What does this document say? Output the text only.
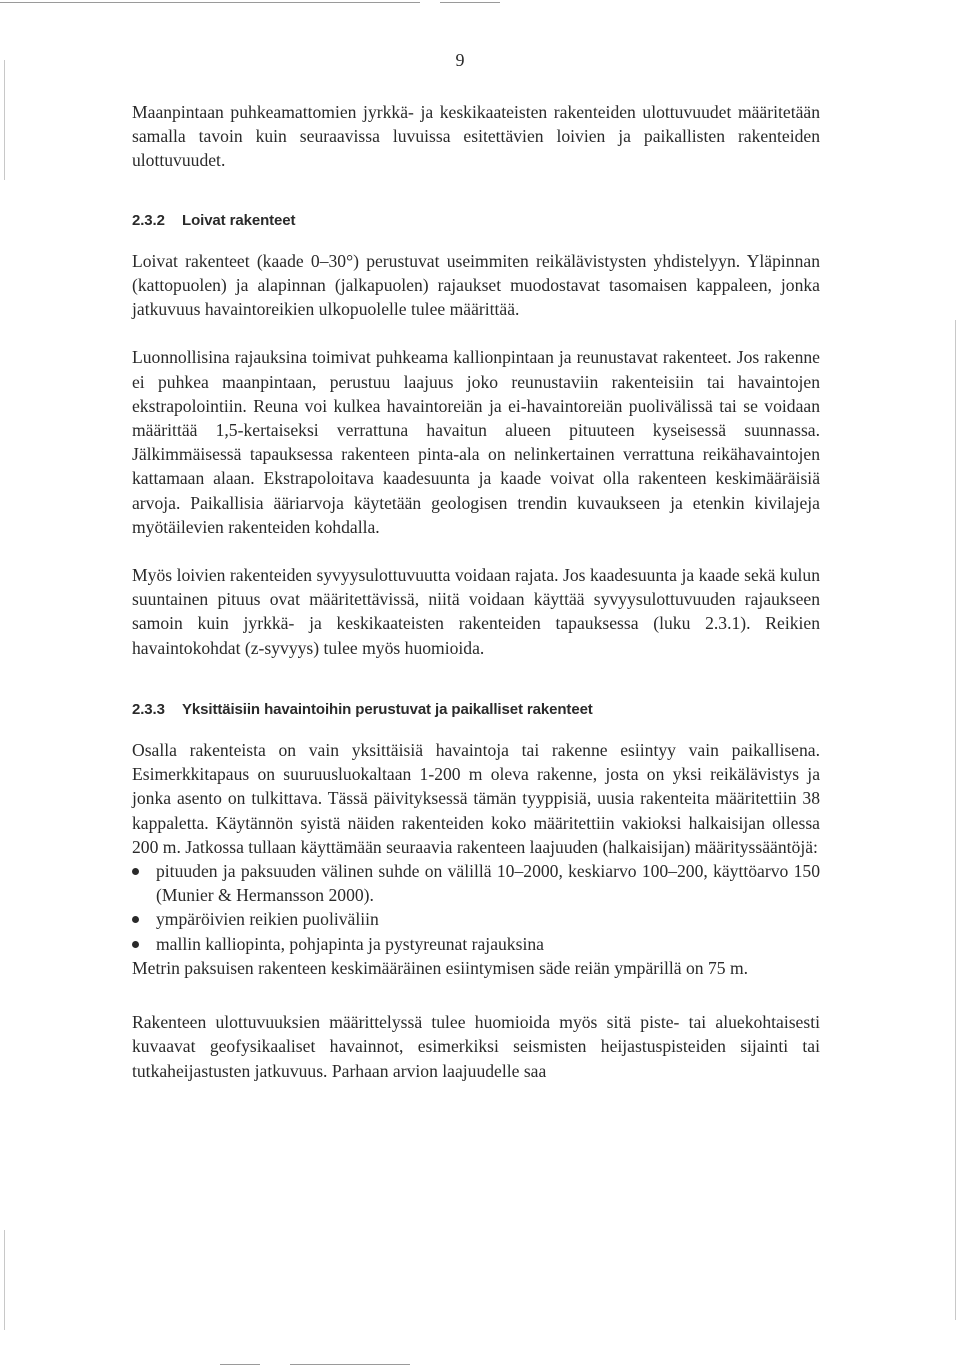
9

Maanpintaan puhkeamattomien jyrkkä- ja keskikaateisten rakenteiden ulottuvuudet määritetään samalla tavoin kuin seuraavissa luvuissa esitettävien loivien ja paikallisten rakenteiden ulottuvuudet.

2.3.2	Loivat rakenteet

Loivat rakenteet (kaade 0–30°) perustuvat useimmiten reikälävistysten yhdistelyyn. Yläpinnan (kattopuolen) ja alapinnan (jalkapuolen) rajaukset muodostavat tasomaisen kappaleen, jonka jatkuvuus havaintoreikien ulkopuolelle tulee määrittää.

Luonnollisina rajauksina toimivat puhkeama kallionpintaan ja reunustavat rakenteet. Jos rakenne ei puhkea maanpintaan, perustuu laajuus joko reunustaviin rakenteisiin tai havaintojen ekstrapolointiin. Reuna voi kulkea havaintoreiän ja ei-havaintoreiän puolivälissä tai se voidaan määrittää 1,5-kertaiseksi verrattuna havaitun alueen pituuteen kyseisessä suunnassa. Jälkimmäisessä tapauksessa rakenteen pinta-ala on nelinkertainen verrattuna reikähavaintojen kattamaan alaan. Ekstrapoloitava kaadesuunta ja kaade voivat olla rakenteen keskimääräisiä arvoja. Paikallisia ääriarvoja käytetään geologisen trendin kuvaukseen ja etenkin kivilajeja myötäilevien rakenteiden kohdalla.

Myös loivien rakenteiden syvyysulottuvuutta voidaan rajata. Jos kaadesuunta ja kaade sekä kulun suuntainen pituus ovat määritettävissä, niitä voidaan käyttää syvyysulottuvuuden rajaukseen samoin kuin jyrkkä- ja keskikaateisten rakenteiden tapauksessa (luku 2.3.1). Reikien havaintokohdat (z-syvyys) tulee myös huomioida.

2.3.3	Yksittäisiin havaintoihin perustuvat ja paikalliset rakenteet

Osalla rakenteista on vain yksittäisiä havaintoja tai rakenne esiintyy vain paikallisena. Esimerkkitapaus on suuruusluokaltaan 1-200 m oleva rakenne, josta on yksi reikälävistys ja jonka asento on tulkittava. Tässä päivityksessä tämän tyyppisiä, uusia rakenteita määritettiin 38 kappaletta. Käytännön syistä näiden rakenteiden koko määritettiin vakioksi halkaisijan ollessa 200 m. Jatkossa tullaan käyttämään seuraavia rakenteen laajuuden (halkaisijan) määrityssääntöjä:

pituuden ja paksuuden välinen suhde on välillä 10–2000, keskiarvo 100–200, käyttöarvo 150 (Munier & Hermansson 2000).
ympäröivien reikien puoliväliin
mallin kalliopinta, pohjapinta ja pystyreunat rajauksina

Metrin paksuisen rakenteen keskimääräinen esiintymisen säde reiän ympärillä on 75 m.

Rakenteen ulottuvuuksien määrittelyssä tulee huomioida myös sitä piste- tai aluekohtaisesti kuvaavat geofysikaaliset havainnot, esimerkiksi seismisten heijastuspisteiden sijainti tai tutkaheijastusten jatkuvuus. Parhaan arvion laajuudelle saa
